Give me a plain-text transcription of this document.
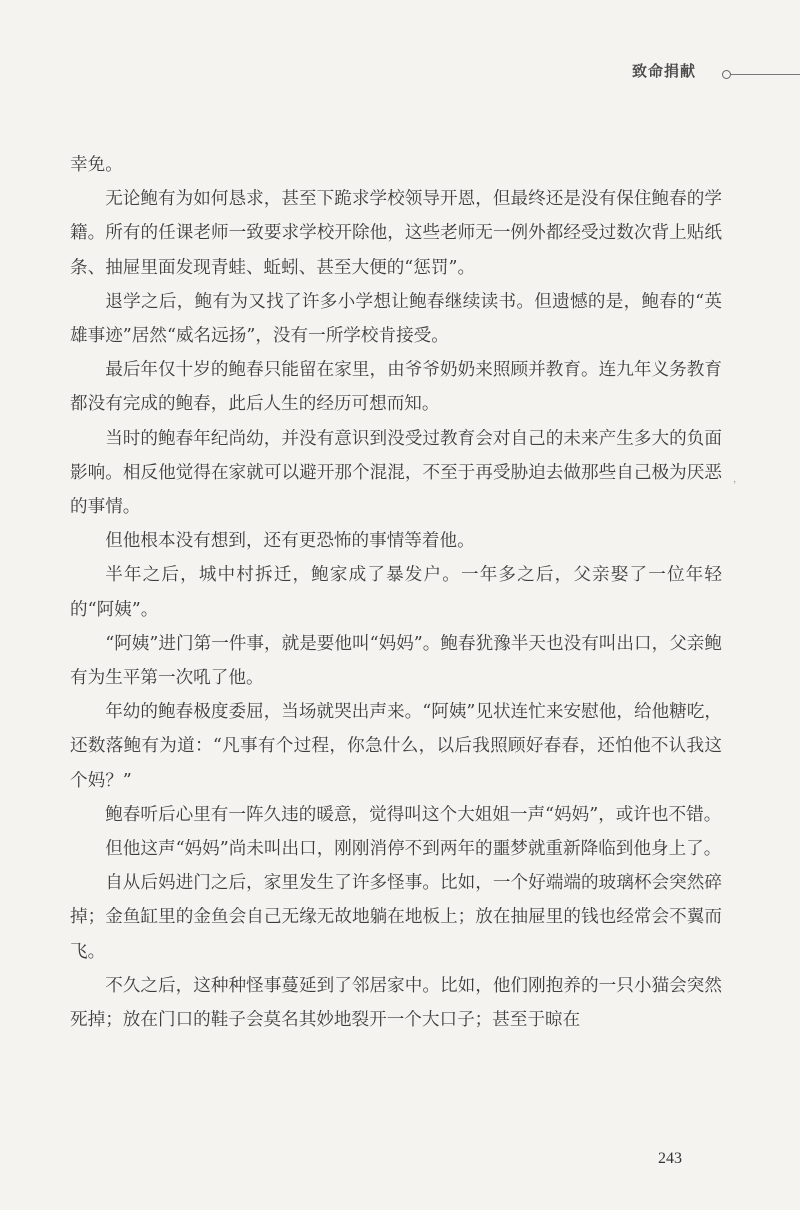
致命捐献

幸免。

无论鲍有为如何恳求，甚至下跪求学校领导开恩，但最终还是没有保住鲍春的学籍。所有的任课老师一致要求学校开除他，这些老师无一例外都经受过数次背上贴纸条、抽屉里面发现青蛙、蚯蚓、甚至大便的“惩罚”。

退学之后，鲍有为又找了许多小学想让鲍春继续读书。但遗憾的是，鲍春的“英雄事迹”居然“威名远扬”，没有一所学校肯接受。

最后年仅十岁的鲍春只能留在家里，由爷爷奶奶来照顾并教育。连九年义务教育都没有完成的鲍春，此后人生的经历可想而知。

当时的鲍春年纪尚幼，并没有意识到没受过教育会对自己的未来产生多大的负面影响。相反他觉得在家就可以避开那个混混，不至于再受胁迫去做那些自己极为厌恶的事情。

但他根本没有想到，还有更恐怖的事情等着他。

半年之后，城中村拆迁，鲍家成了暴发户。一年多之后，父亲娶了一位年轻的“阿姨”。

“阿姨”进门第一件事，就是要他叫“妈妈”。鲍春犹豫半天也没有叫出口，父亲鲍有为生平第一次吼了他。

年幼的鲍春极度委屈，当场就哭出声来。“阿姨”见状连忙来安慰他，给他糖吃，还数落鲍有为道：“凡事有个过程，你急什么，以后我照顾好春春，还怕他不认我这个妈？”

鲍春听后心里有一阵久违的暖意，觉得叫这个大姐姐一声“妈妈”，或许也不错。

但他这声“妈妈”尚未叫出口，刚刚消停不到两年的噩梦就重新降临到他身上了。

自从后妈进门之后，家里发生了许多怪事。比如，一个好端端的玻璃杯会突然碎掉；金鱼缸里的金鱼会自己无缘无故地躺在地板上；放在抽屉里的钱也经常会不翼而飞。

不久之后，这种种怪事蔓延到了邻居家中。比如，他们刚抱养的一只小猫会突然死掉；放在门口的鞋子会莫名其妙地裂开一个大口子；甚至于晾在

，
243
